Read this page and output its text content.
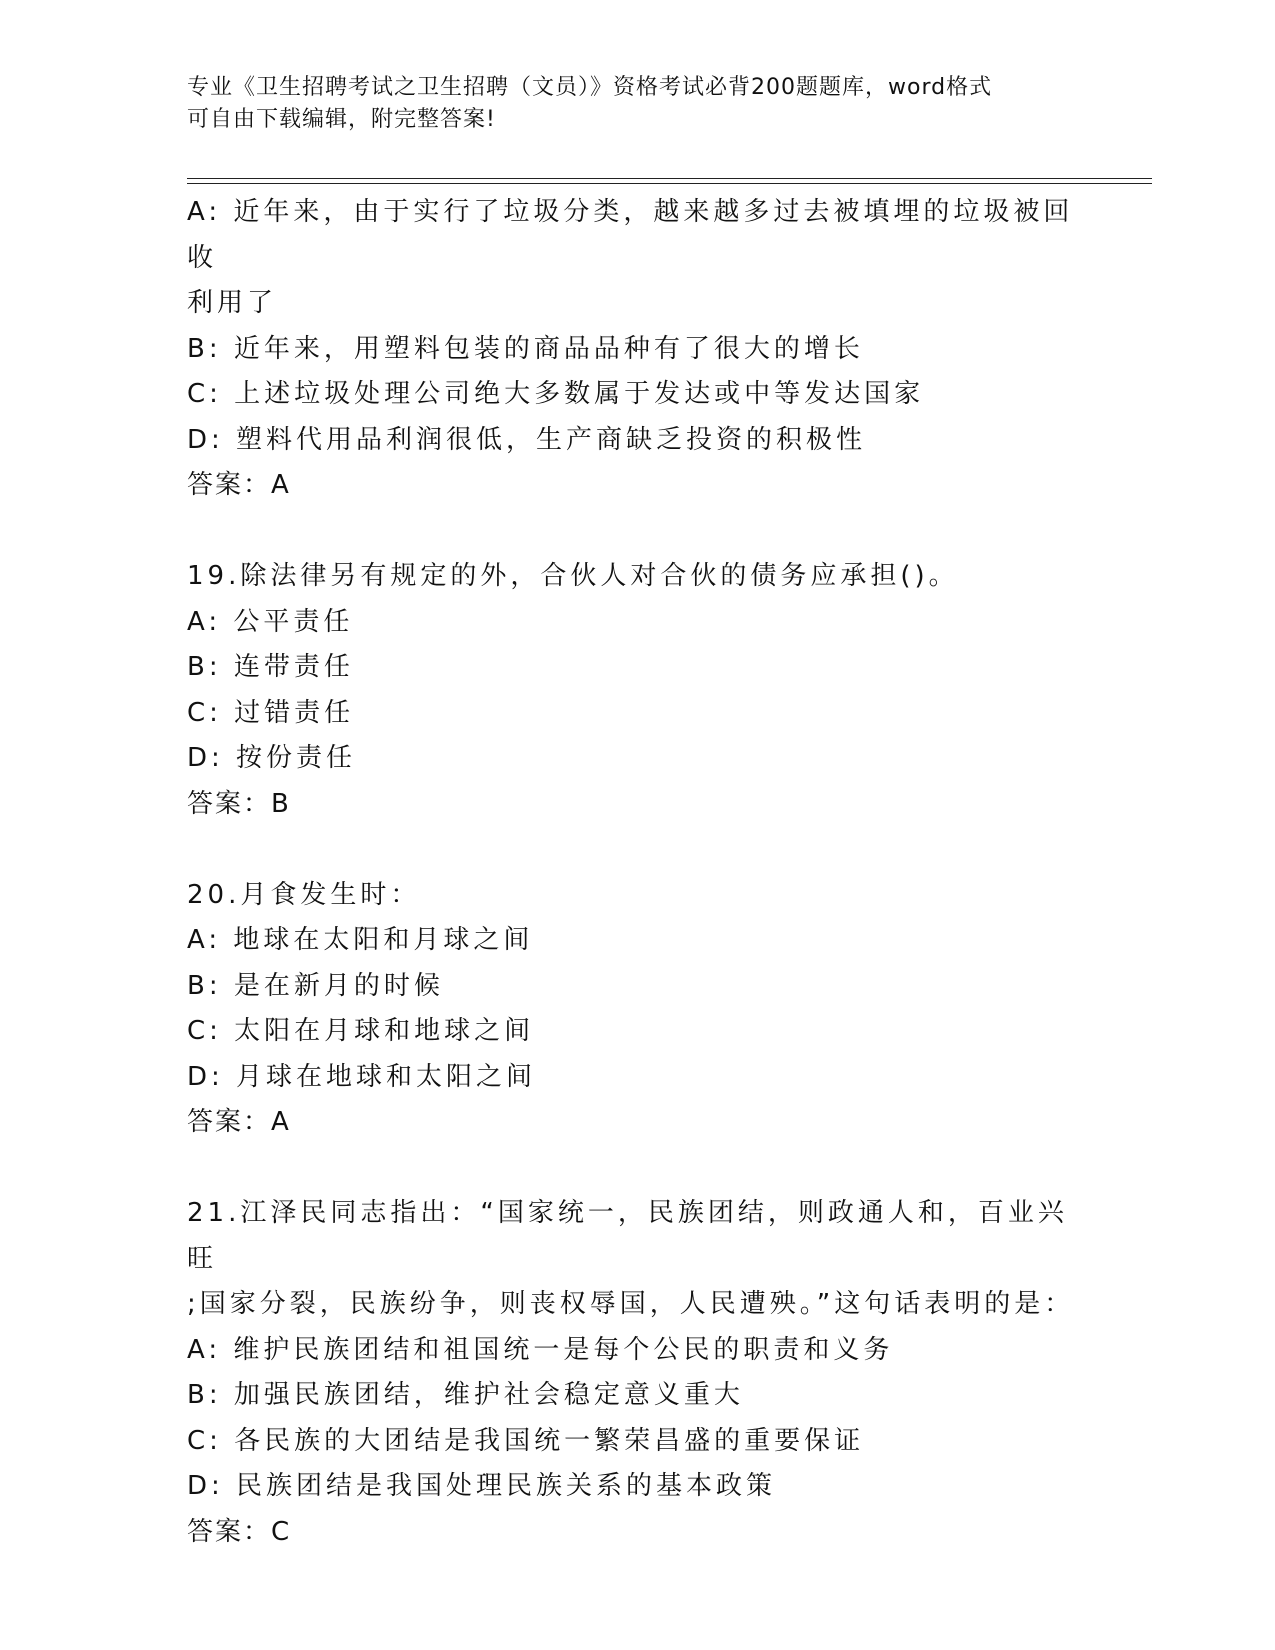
专业《卫生招聘考试之卫生招聘（文员）》资格考试必背200题题库，word格式
可自由下载编辑，附完整答案!
A: 近年来，由于实行了垃圾分类，越来越多过去被填埋的垃圾被回收
利用了
B: 近年来，用塑料包装的商品品种有了很大的增长
C: 上述垃圾处理公司绝大多数属于发达或中等发达国家
D: 塑料代用品利润很低，生产商缺乏投资的积极性
答案：A
19.除法律另有规定的外，合伙人对合伙的债务应承担()。
A: 公平责任
B: 连带责任
C: 过错责任
D: 按份责任
答案：B
20.月食发生时：
A: 地球在太阳和月球之间
B: 是在新月的时候
C: 太阳在月球和地球之间
D: 月球在地球和太阳之间
答案：A
21.江泽民同志指出：“国家统一，民族团结，则政通人和，百业兴旺
;国家分裂，民族纷争，则丧权辱国，人民遭殃。”这句话表明的是：
A: 维护民族团结和祖国统一是每个公民的职责和义务
B: 加强民族团结，维护社会稳定意义重大
C: 各民族的大团结是我国统一繁荣昌盛的重要保证
D: 民族团结是我国处理民族关系的基本政策
答案：C
